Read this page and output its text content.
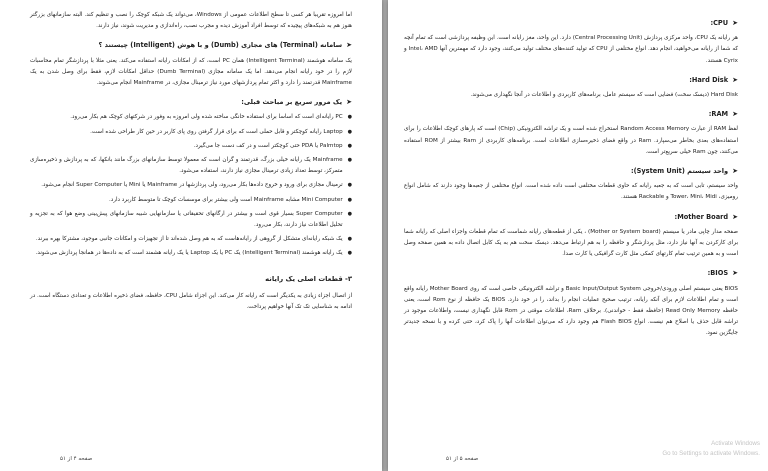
اما امروزه تقریبا هر کسی تا سطح اطلاعات عمومی از Windows، می‌تواند یک شبکه کوچک را نصب و تنظیم کند. البته سازمانهای بزرگتر هنوز هم به شبکه‌های پیچیده که توسط افراد آموزش دیده و مجرب نصب، راه‌اندازی و مدیریت شوند، نیاز دارند.

➤
سامانه (Terminal) های مجازی (Dumb) و با هوش (Intelligent) چیستند ؟

یک سامانه هوشمند (Intelligent Terminal) همان PC است، که از امکانات رایانه استفاده می‌کند. یعنی مثلا با پردازشگر تمام محاسبات لازم را در خود رایانه انجام می‌دهد. اما یک سامانه مجازی (Dumb Terminal) حداقل امکانات لازم، فقط برای وصل شدن به یک Mainframe قدرتمند را دارد و اکثر تمام پردازشهای مورد نیاز ترمینال مجازی، در Mainframe انجام می‌شوند.

➤
یک مرور سریع بر مباحث قبلی:
●
PC رایانه‌ای است که اساسا برای استفاده خانگی ساخته شده ولی امروزه به وفور در شرکتهای کوچک هم بکار می‌رود.
●
Laptop رایانه کوچکتر و قابل حملی است که برای قرار گرفتن روی پای کاربر در حین کار طراحی شده است.
●
Palmtop یا PDA حتی کوچکتر است و در کف دست جا می‌گیرد.
●
Mainframe یک رایانه خیلی بزرگ، قدرتمند و گران است که معمولا توسط سازمانهای بزرگ مانند بانکها، که به پردازش و ذخیره‌سازی متمرکز، توسط تعداد زیادی ترمینال مجازی نیاز دارند، استفاده می‌شود.
●
ترمینال مجازی برای ورود و خروج داده‌ها بکار می‌رود، ولی پردازشها در Mainframe یا Mini یا Super Computer انجام می‌شود.
●
Mini Computer مشابه Mainframe است ولی بیشتر برای موسسات کوچک تا متوسط کاربرد دارد.
●
Super Computer بسیار قوی است و بیشتر در ارگانهای تحقیقاتی یا سازمانهایی شبیه سازمانهای پیش‌بینی وضع هوا که به تجزیه و تحلیل اطلاعات نیاز دارند، بکار می‌رود.
●
یک شبکه رایانه‌ای متشکل از گروهی از رایانه‌هاست که به هم وصل شده‌اند تا از تجهیزات و امکانات جانبی موجود، مشترکا بهره ببرند.
●
یک رایانه هوشمند (Intelligent Terminal) یک PC یا یک Laptop یا یک رایانه هشمند است که به داده‌ها در همانجا پردازش می‌شوند.
۳- قطعات اصلی یک رایانه

از اتصال اجزاء زیادی به یکدیگر است که رایانه کار می‌کند. این اجزاء شامل CPU، حافظه، فضای ذخیره اطلاعات و تعدادی دستگاه است. در ادامه به شناسایی تک تک آنها خواهیم پرداخت.

صفحه ۴ از ۵۱
➤
CPU:

هر رایانه یک CPU، واحد مرکزی پردازش (Central Processing Unit) دارد. این واحد، مغز رایانه است. این وظیفه پردازشی است که تمام آنچه که شما از رایانه می‌خواهید، انجام دهد. انواع مختلفی از CPU که تولید کننده‌های مختلف تولید می‌کنند، وجود دارد که مهمترین آنها Intel، AMD و Cyrix هستند.

➤
Hard Disk:

Hard Disk (دیسک سخت) فضایی است که سیستم عامل، برنامه‌های کاربردی و اطلاعات در آنجا نگهداری می‌شوند.

➤
RAM:

لفظ RAM از عبارت Random Access Memory استخراج شده است و یک تراشه الکترونیکی (Chip) است که پارهای کوچک اطلاعات را برای استفاده‌های بعدی بخاطر می‌سپارد. Ram در واقع فضای ذخیره‌سازی اطلاعات است. برنامه‌های کاربردی از Ram بیشتر از ROM استفاده می‌کنند، چون Ram خیلی سریع‌تر است.

➤
واحد سیستم (System Unit):

واحد سیستم، تابی است که به جعبه رایانه که حاوی قطعات مختلفی است داده شده است. انواع مختلفی از جعبه‌ها وجود دارند که شامل انواع رومیزی، Tower، Mini، Midi و Rackable هستند.

➤
Mother Board:

صفحه مدار چاپی مادر یا سیستم (Mother or System board) ، یکی از قطعه‌های رایانه شماست که تمام قطعات واجزاء اصلی که رایانه شما برای کارکردن به آنها نیاز دارد، مثل پردازشگر و حافظه را به هم ارتباط می‌دهد. دیسک سخت هم به یک کابل اتصال داده به همین صفحه وصل است و به همین ترتیب تمام کارتهای کمکی مثل کارت گرافیکی یا کارت صدا.

➤
BIOS:

BIOS یعنی سیستم اصلی ورودی/خروجی Basic Input/Output System و تراشه الکترونیکی خاصی است که روی Mother Board رایانه واقع است و تمام اطلاعات لازم برای آنکه رایانه، ترتیب صحیح عملیات انجام را بداند، را در خود دارد. BIOS یک حافظه از نوع Rom است، یعنی حافظه Read Only Memory (حافظه فقط - خواندنی). برخلاف Ram، اطلاعات موقتی در Rom قابل نگهداری نیست، واطلاعات موجود در تراشه قابل حذف یا اصلاح هم نیست. انواع Flash BIOS هم وجود دارد که می‌توان اطلاعات آنها را پاک کرد، حتی کرده و با نسخه جدیدتر جایگزین نمود.

صفحه ۵ از ۵۱
Activate Windows
Go to Settings to activate Windows.
